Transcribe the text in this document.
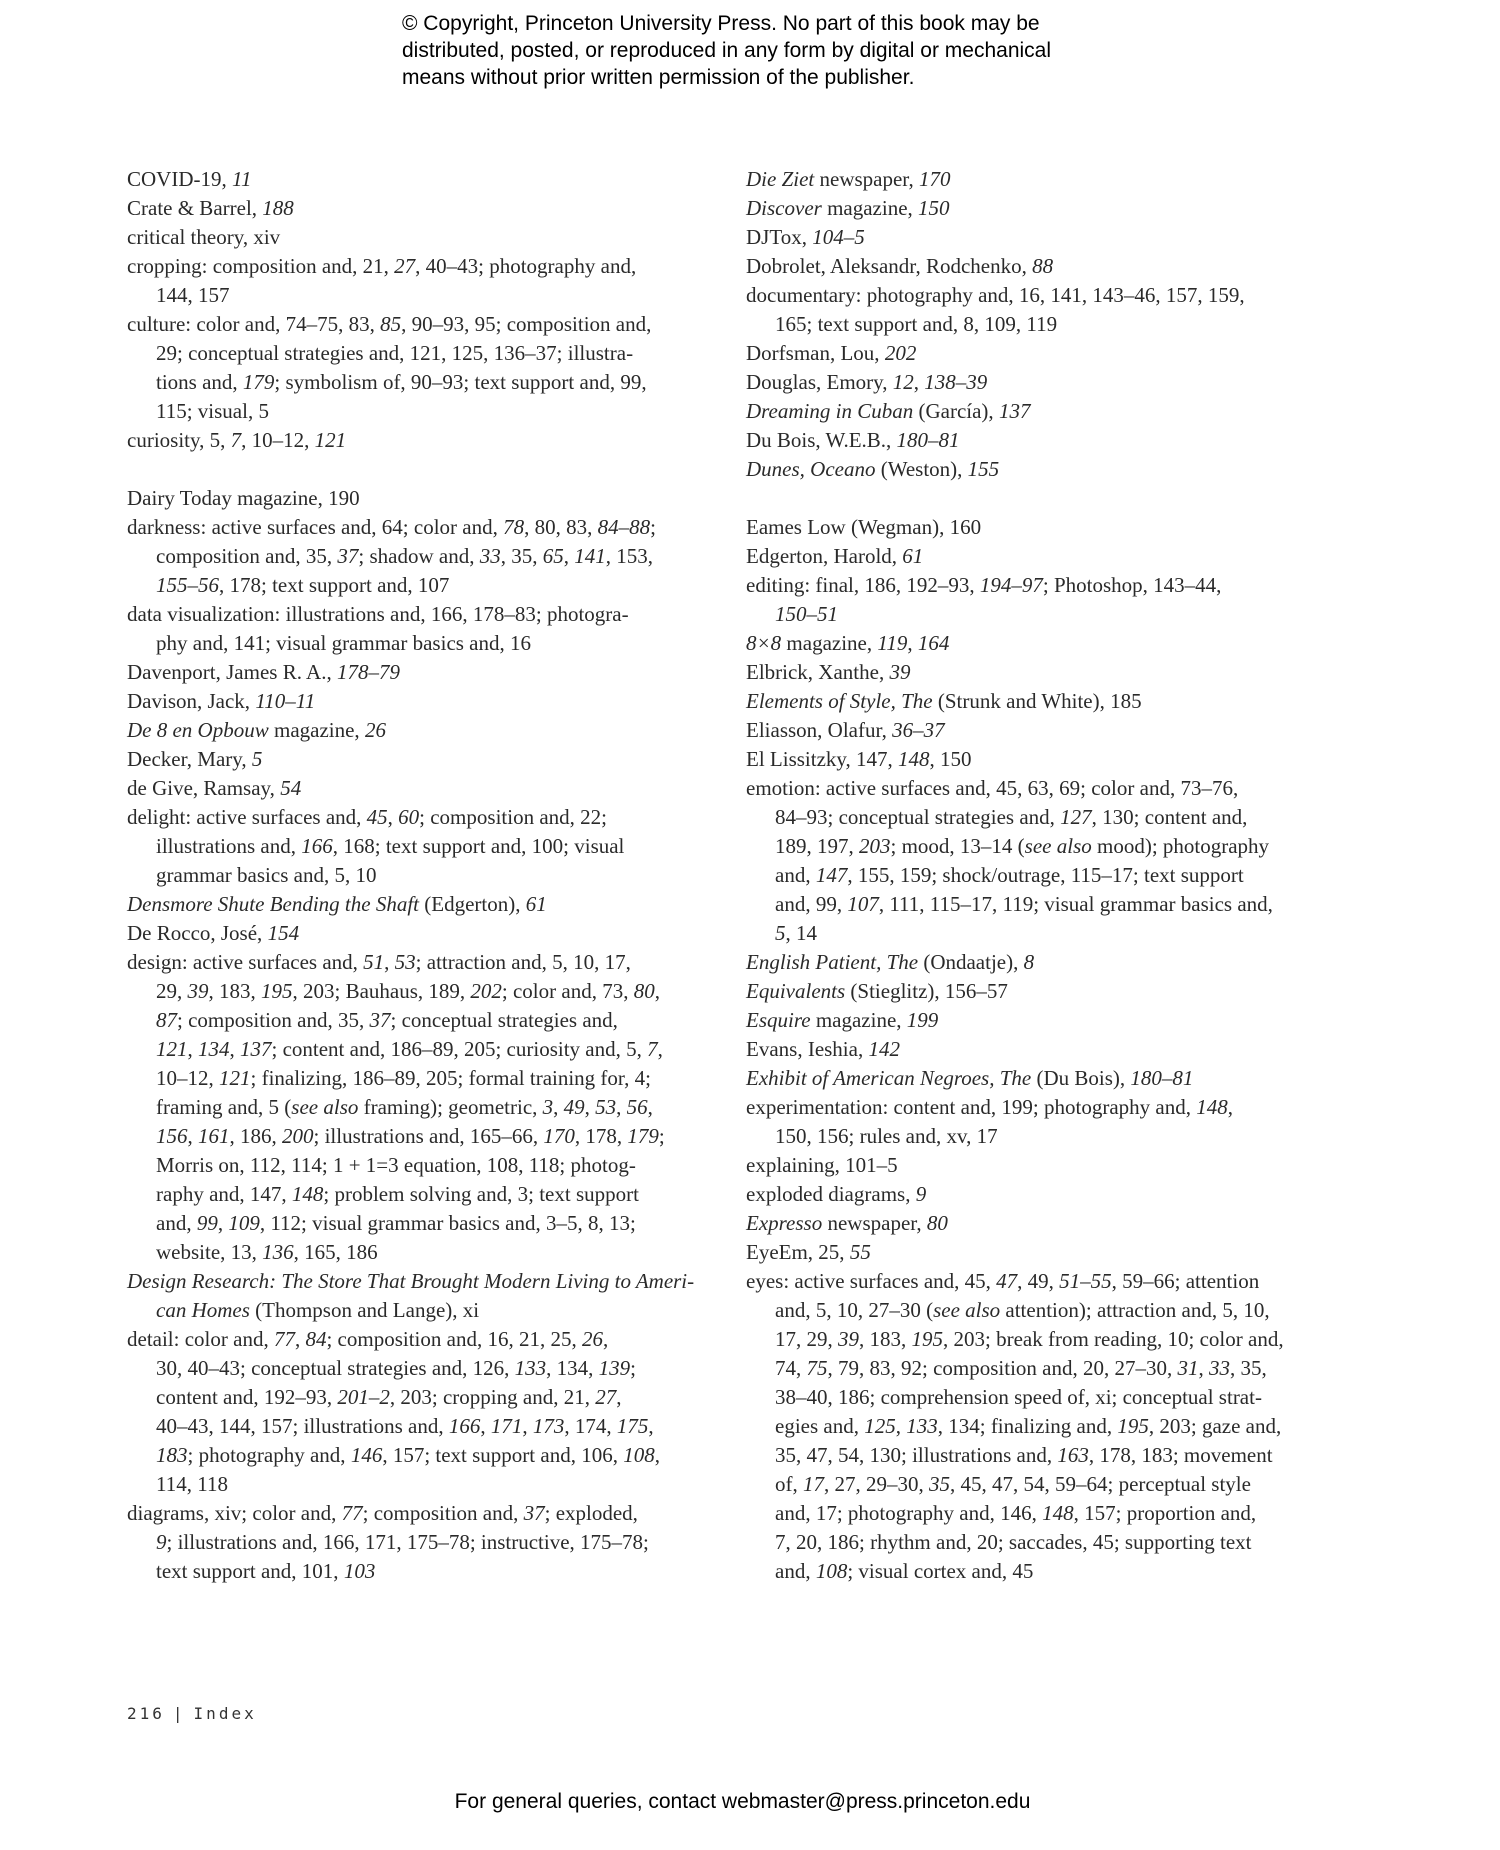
© Copyright, Princeton University Press. No part of this book may be
distributed, posted, or reproduced in any form by digital or mechanical
means without prior written permission of the publisher.
COVID-19, 11
Crate & Barrel, 188
critical theory, xiv
cropping: composition and, 21, 27, 40–43; photography and,
144, 157
culture: color and, 74–75, 83, 85, 90–93, 95; composition and,
29; conceptual strategies and, 121, 125, 136–37; illustra-
tions and, 179; symbolism of, 90–93; text support and, 99,
115; visual, 5
curiosity, 5, 7, 10–12, 121
Dairy Today magazine, 190
darkness: active surfaces and, 64; color and, 78, 80, 83, 84–88;
composition and, 35, 37; shadow and, 33, 35, 65, 141, 153,
155–56, 178; text support and, 107
data visualization: illustrations and, 166, 178–83; photogra-
phy and, 141; visual grammar basics and, 16
Davenport, James R. A., 178–79
Davison, Jack, 110–11
De 8 en Opbouw magazine, 26
Decker, Mary, 5
de Give, Ramsay, 54
delight: active surfaces and, 45, 60; composition and, 22;
illustrations and, 166, 168; text support and, 100; visual
grammar basics and, 5, 10
Densmore Shute Bending the Shaft (Edgerton), 61
De Rocco, José, 154
design: active surfaces and, 51, 53; attraction and, 5, 10, 17,
29, 39, 183, 195, 203; Bauhaus, 189, 202; color and, 73, 80,
87; composition and, 35, 37; conceptual strategies and,
121, 134, 137; content and, 186–89, 205; curiosity and, 5, 7,
10–12, 121; finalizing, 186–89, 205; formal training for, 4;
framing and, 5 (see also framing); geometric, 3, 49, 53, 56,
156, 161, 186, 200; illustrations and, 165–66, 170, 178, 179;
Morris on, 112, 114; 1 + 1=3 equation, 108, 118; photog-
raphy and, 147, 148; problem solving and, 3; text support
and, 99, 109, 112; visual grammar basics and, 3–5, 8, 13;
website, 13, 136, 165, 186
Design Research: The Store That Brought Modern Living to Ameri-
can Homes (Thompson and Lange), xi
detail: color and, 77, 84; composition and, 16, 21, 25, 26,
30, 40–43; conceptual strategies and, 126, 133, 134, 139;
content and, 192–93, 201–2, 203; cropping and, 21, 27,
40–43, 144, 157; illustrations and, 166, 171, 173, 174, 175,
183; photography and, 146, 157; text support and, 106, 108,
114, 118
diagrams, xiv; color and, 77; composition and, 37; exploded,
9; illustrations and, 166, 171, 175–78; instructive, 175–78;
text support and, 101, 103
Die Ziet newspaper, 170
Discover magazine, 150
DJTox, 104–5
Dobrolet, Aleksandr, Rodchenko, 88
documentary: photography and, 16, 141, 143–46, 157, 159,
165; text support and, 8, 109, 119
Dorfsman, Lou, 202
Douglas, Emory, 12, 138–39
Dreaming in Cuban (García), 137
Du Bois, W.E.B., 180–81
Dunes, Oceano (Weston), 155
Eames Low (Wegman), 160
Edgerton, Harold, 61
editing: final, 186, 192–93, 194–97; Photoshop, 143–44,
150–51
8×8 magazine, 119, 164
Elbrick, Xanthe, 39
Elements of Style, The (Strunk and White), 185
Eliasson, Olafur, 36–37
El Lissitzky, 147, 148, 150
emotion: active surfaces and, 45, 63, 69; color and, 73–76,
84–93; conceptual strategies and, 127, 130; content and,
189, 197, 203; mood, 13–14 (see also mood); photography
and, 147, 155, 159; shock/outrage, 115–17; text support
and, 99, 107, 111, 115–17, 119; visual grammar basics and,
5, 14
English Patient, The (Ondaatje), 8
Equivalents (Stieglitz), 156–57
Esquire magazine, 199
Evans, Ieshia, 142
Exhibit of American Negroes, The (Du Bois), 180–81
experimentation: content and, 199; photography and, 148,
150, 156; rules and, xv, 17
explaining, 101–5
exploded diagrams, 9
Expresso newspaper, 80
EyeEm, 25, 55
eyes: active surfaces and, 45, 47, 49, 51–55, 59–66; attention
and, 5, 10, 27–30 (see also attention); attraction and, 5, 10,
17, 29, 39, 183, 195, 203; break from reading, 10; color and,
74, 75, 79, 83, 92; composition and, 20, 27–30, 31, 33, 35,
38–40, 186; comprehension speed of, xi; conceptual strat-
egies and, 125, 133, 134; finalizing and, 195, 203; gaze and,
35, 47, 54, 130; illustrations and, 163, 178, 183; movement
of, 17, 27, 29–30, 35, 45, 47, 54, 59–64; perceptual style
and, 17; photography and, 146, 148, 157; proportion and,
7, 20, 186; rhythm and, 20; saccades, 45; supporting text
and, 108; visual cortex and, 45
216 | Index
For general queries, contact webmaster@press.princeton.edu
